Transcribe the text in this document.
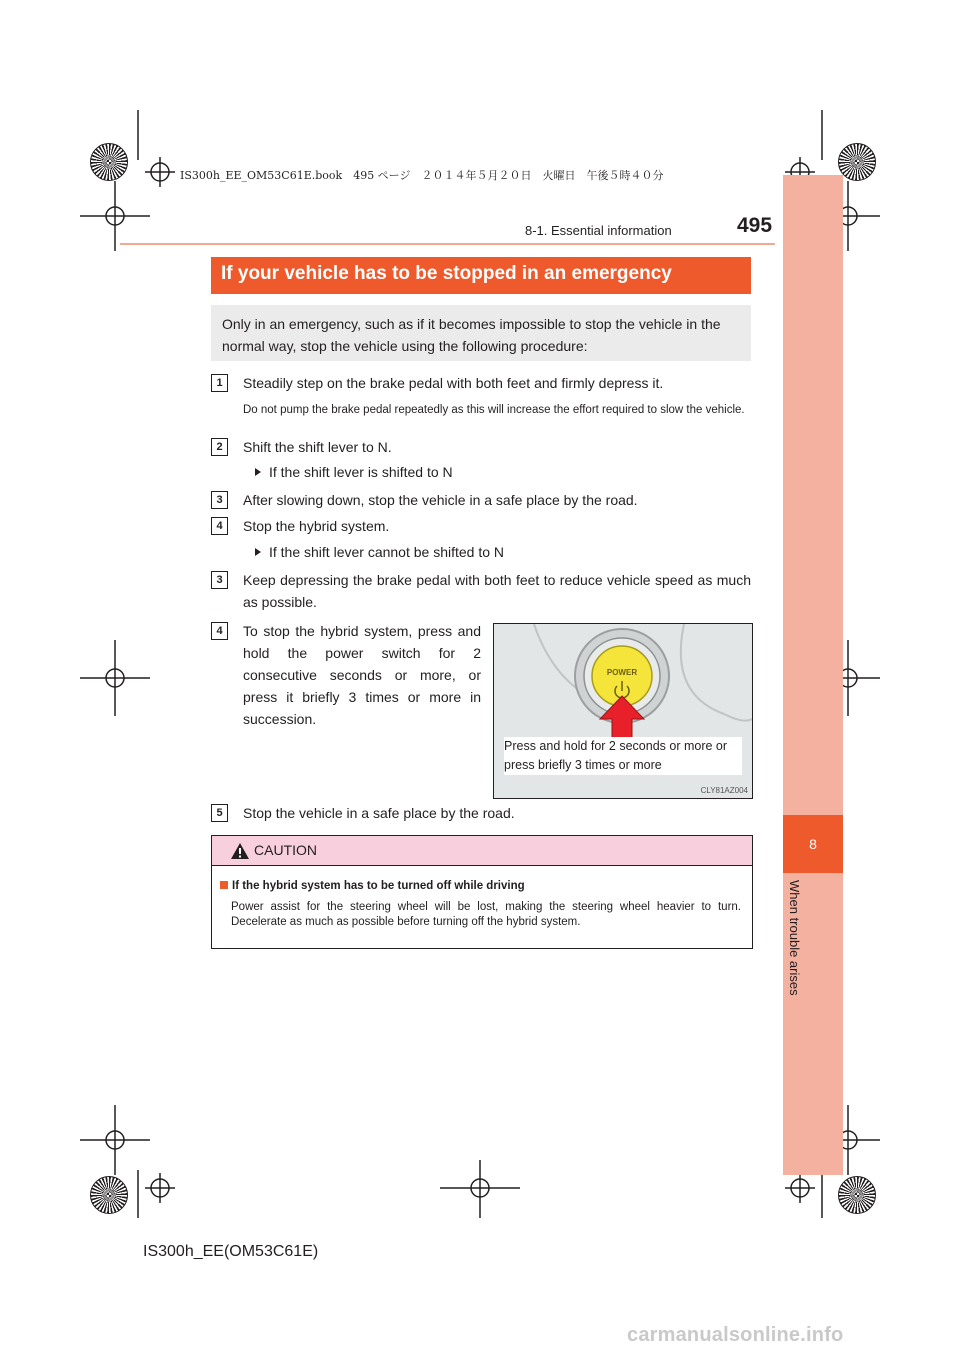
IS300h_EE_OM53C61E.book　495 ページ　２０１４年５月２０日　火曜日　午後５時４０分
8
When trouble arises
8-1. Essential information	495
If your vehicle has to be stopped in an emergency

Only in an emergency, such as if it becomes impossible to stop the vehicle in the normal way, stop the vehicle using the following procedure:

1	Steadily step on the brake pedal with both feet and firmly depress it.
Do not pump the brake pedal repeatedly as this will increase the effort required to slow the vehicle.
2	Shift the shift lever to N.
If the shift lever is shifted to N
3	After slowing down, stop the vehicle in a safe place by the road.
4	Stop the hybrid system.
If the shift lever cannot be shifted to N
3	Keep depressing the brake pedal with both feet to reduce vehicle speed as much as possible.
4	To stop the hybrid system, press and hold the power switch for 2 consecutive seconds or more, or press it briefly 3 times or more in succession.
POWER
Press and hold for 2 seconds or more or press briefly 3 times or more
CLY81AZ004
5	Stop the vehicle in a safe place by the road.
CAUTION
If the hybrid system has to be turned off while driving
Power assist for the steering wheel will be lost, making the steering wheel heavier to turn. Decelerate as much as possible before turning off the hybrid system.
IS300h_EE(OM53C61E)
carmanualsonline.info
